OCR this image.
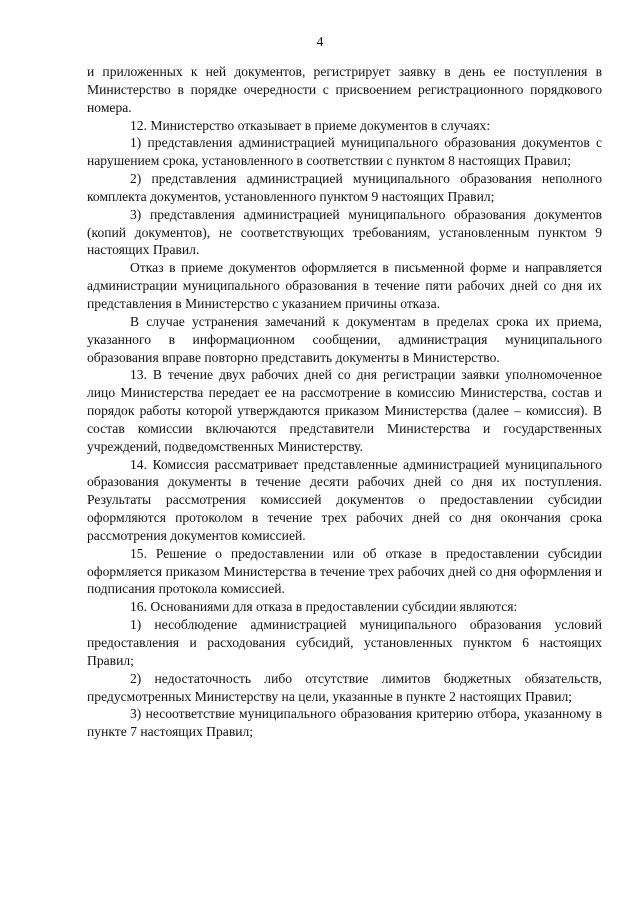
4

и приложенных к ней документов, регистрирует заявку в день ее поступления в Министерство в порядке очередности с присвоением регистрационного порядкового номера.

12. Министерство отказывает в приеме документов в случаях:

1) представления администрацией муниципального образования документов с нарушением срока, установленного в соответствии с пунктом 8 настоящих Правил;

2) представления администрацией муниципального образования неполного комплекта документов, установленного пунктом 9 настоящих Правил;

3) представления администрацией муниципального образования документов (копий документов), не соответствующих требованиям, установленным пунктом 9 настоящих Правил.

Отказ в приеме документов оформляется в письменной форме и направляется администрации муниципального образования в течение пяти рабочих дней со дня их представления в Министерство с указанием причины отказа.

В случае устранения замечаний к документам в пределах срока их приема, указанного в информационном сообщении, администрация муниципального образования вправе повторно представить документы в Министерство.

13. В течение двух рабочих дней со дня регистрации заявки уполномоченное лицо Министерства передает ее на рассмотрение в комиссию Министерства, состав и порядок работы которой утверждаются приказом Министерства (далее – комиссия). В состав комиссии включаются представители Министерства и государственных учреждений, подведомственных Министерству.

14. Комиссия рассматривает представленные администрацией муниципального образования документы в течение десяти рабочих дней со дня их поступления. Результаты рассмотрения комиссией документов о предоставлении субсидии оформляются протоколом в течение трех рабочих дней со дня окончания срока рассмотрения документов комиссией.

15. Решение о предоставлении или об отказе в предоставлении субсидии оформляется приказом Министерства в течение трех рабочих дней со дня оформления и подписания протокола комиссией.

16. Основаниями для отказа в предоставлении субсидии являются:

1) несоблюдение администрацией муниципального образования условий предоставления и расходования субсидий, установленных пунктом 6 настоящих Правил;

2) недостаточность либо отсутствие лимитов бюджетных обязательств, предусмотренных Министерству на цели, указанные в пункте 2 настоящих Правил;

3) несоответствие муниципального образования критерию отбора, указанному в пункте 7 настоящих Правил;
